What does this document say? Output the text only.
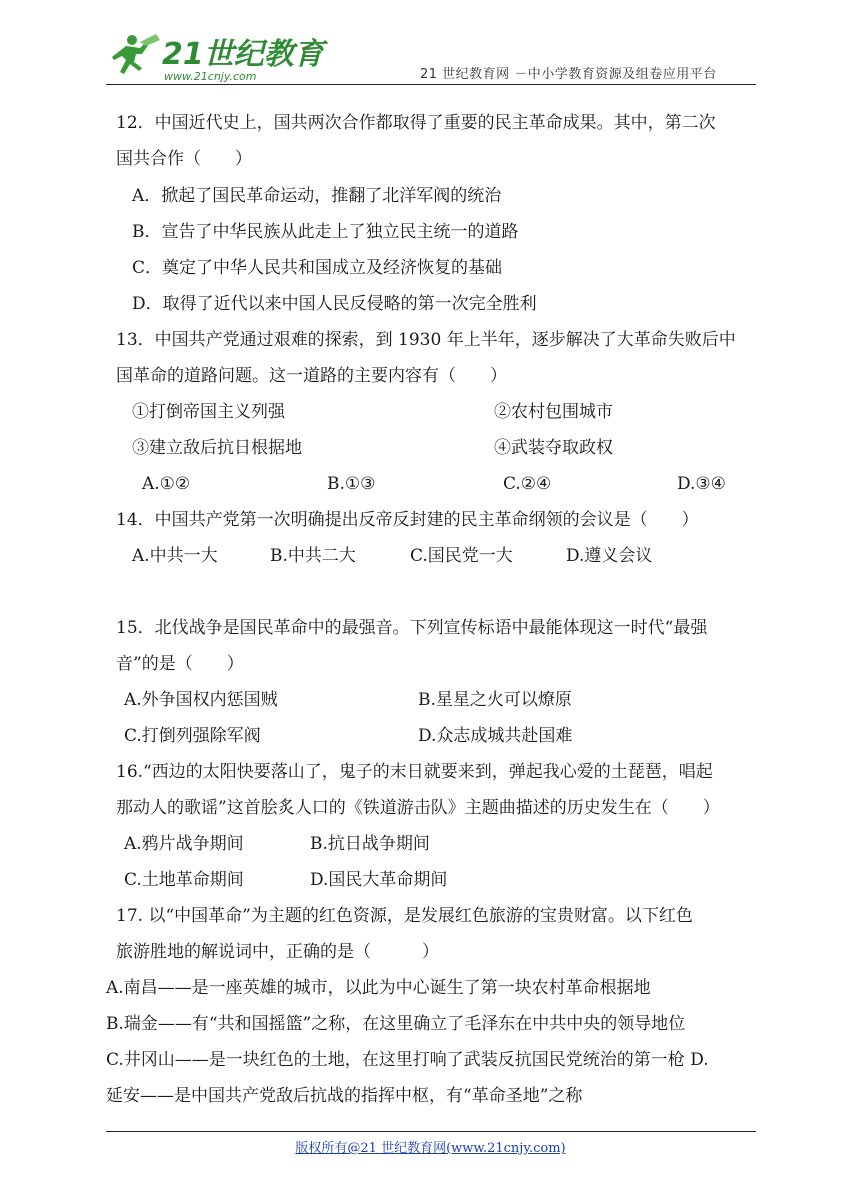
21世纪教育
www.21cnjy.com	21 世纪教育网 －中小学教育资源及组卷应用平台
12．中国近代史上，国共两次合作都取得了重要的民主革命成果。其中，第二次
国共合作（　　）
A．掀起了国民革命运动，推翻了北洋军阀的统治
B．宣告了中华民族从此走上了独立民主统一的道路
C．奠定了中华人民共和国成立及经济恢复的基础
D．取得了近代以来中国人民反侵略的第一次完全胜利
13．中国共产党通过艰难的探索，到 1930 年上半年，逐步解决了大革命失败后中
国革命的道路问题。这一道路的主要内容有（　　）
①打倒帝国主义列强	②农村包围城市
③建立敌后抗日根据地	④武装夺取政权
A.①②	B.①③	C.②④	D.③④
14．中国共产党第一次明确提出反帝反封建的民主革命纲领的会议是（　　）
A.中共一大	B.中共二大	C.国民党一大	D.遵义会议
15．北伐战争是国民革命中的最强音。下列宣传标语中最能体现这一时代“最强
音”的是（　　）
A.外争国权内惩国贼	B.星星之火可以燎原
C.打倒列强除军阀	D.众志成城共赴国难
16.“西边的太阳快要落山了，鬼子的末日就要来到，弹起我心爱的土琵琶，唱起
那动人的歌谣”这首脍炙人口的《铁道游击队》主题曲描述的历史发生在（　　）
A.鸦片战争期间	B.抗日战争期间
C.土地革命期间	D.国民大革命期间
17. 以“中国革命”为主题的红色资源，是发展红色旅游的宝贵财富。以下红色
旅游胜地的解说词中，正确的是（　　　）
A.南昌——是一座英雄的城市，以此为中心诞生了第一块农村革命根据地
B.瑞金——有“共和国摇篮”之称，在这里确立了毛泽东在中共中央的领导地位
C.井冈山——是一块红色的土地，在这里打响了武装反抗国民党统治的第一枪 D.
延安——是中国共产党敌后抗战的指挥中枢，有“革命圣地”之称
版权所有@21 世纪教育网(www.21cnjy.com)
